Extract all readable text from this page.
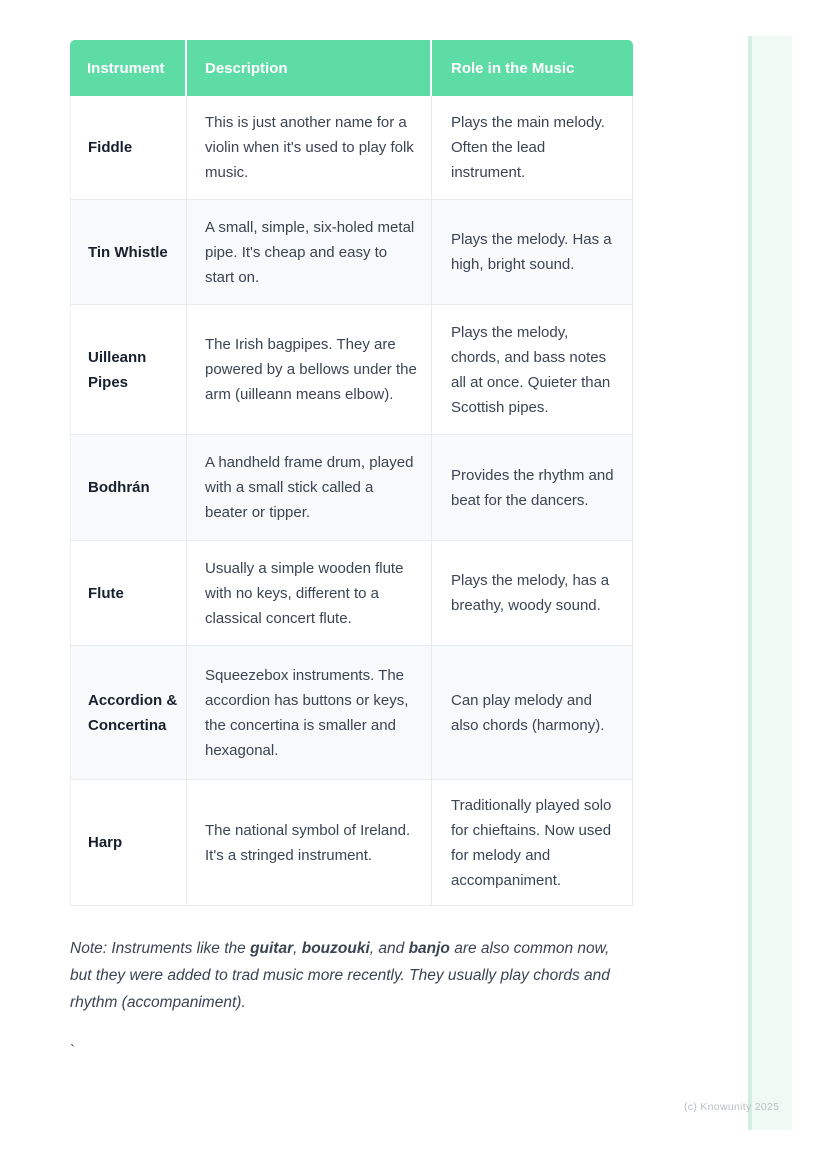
Instrument	Description	Role in the Music
Fiddle	This is just another name for a violin when it's used to play folk music.	Plays the main melody. Often the lead instrument.
Tin Whistle	A small, simple, six-holed metal pipe. It's cheap and easy to start on.	Plays the melody. Has a high, bright sound.
Uilleann Pipes	The Irish bagpipes. They are powered by a bellows under the arm (uilleann means elbow).	Plays the melody, chords, and bass notes all at once. Quieter than Scottish pipes.
Bodhrán	A handheld frame drum, played with a small stick called a beater or tipper.	Provides the rhythm and beat for the dancers.
Flute	Usually a simple wooden flute with no keys, different to a classical concert flute.	Plays the melody, has a breathy, woody sound.
Accordion & Concertina	Squeezebox instruments. The accordion has buttons or keys, the concertina is smaller and hexagonal.	Can play melody and also chords (harmony).
Harp	The national symbol of Ireland. It's a stringed instrument.	Traditionally played solo for chieftains. Now used for melody and accompaniment.

Note: Instruments like the guitar, bouzouki, and banjo are also common now, but they were added to trad music more recently. They usually play chords and rhythm (accompaniment).

`
(c) Knowunity 2025
